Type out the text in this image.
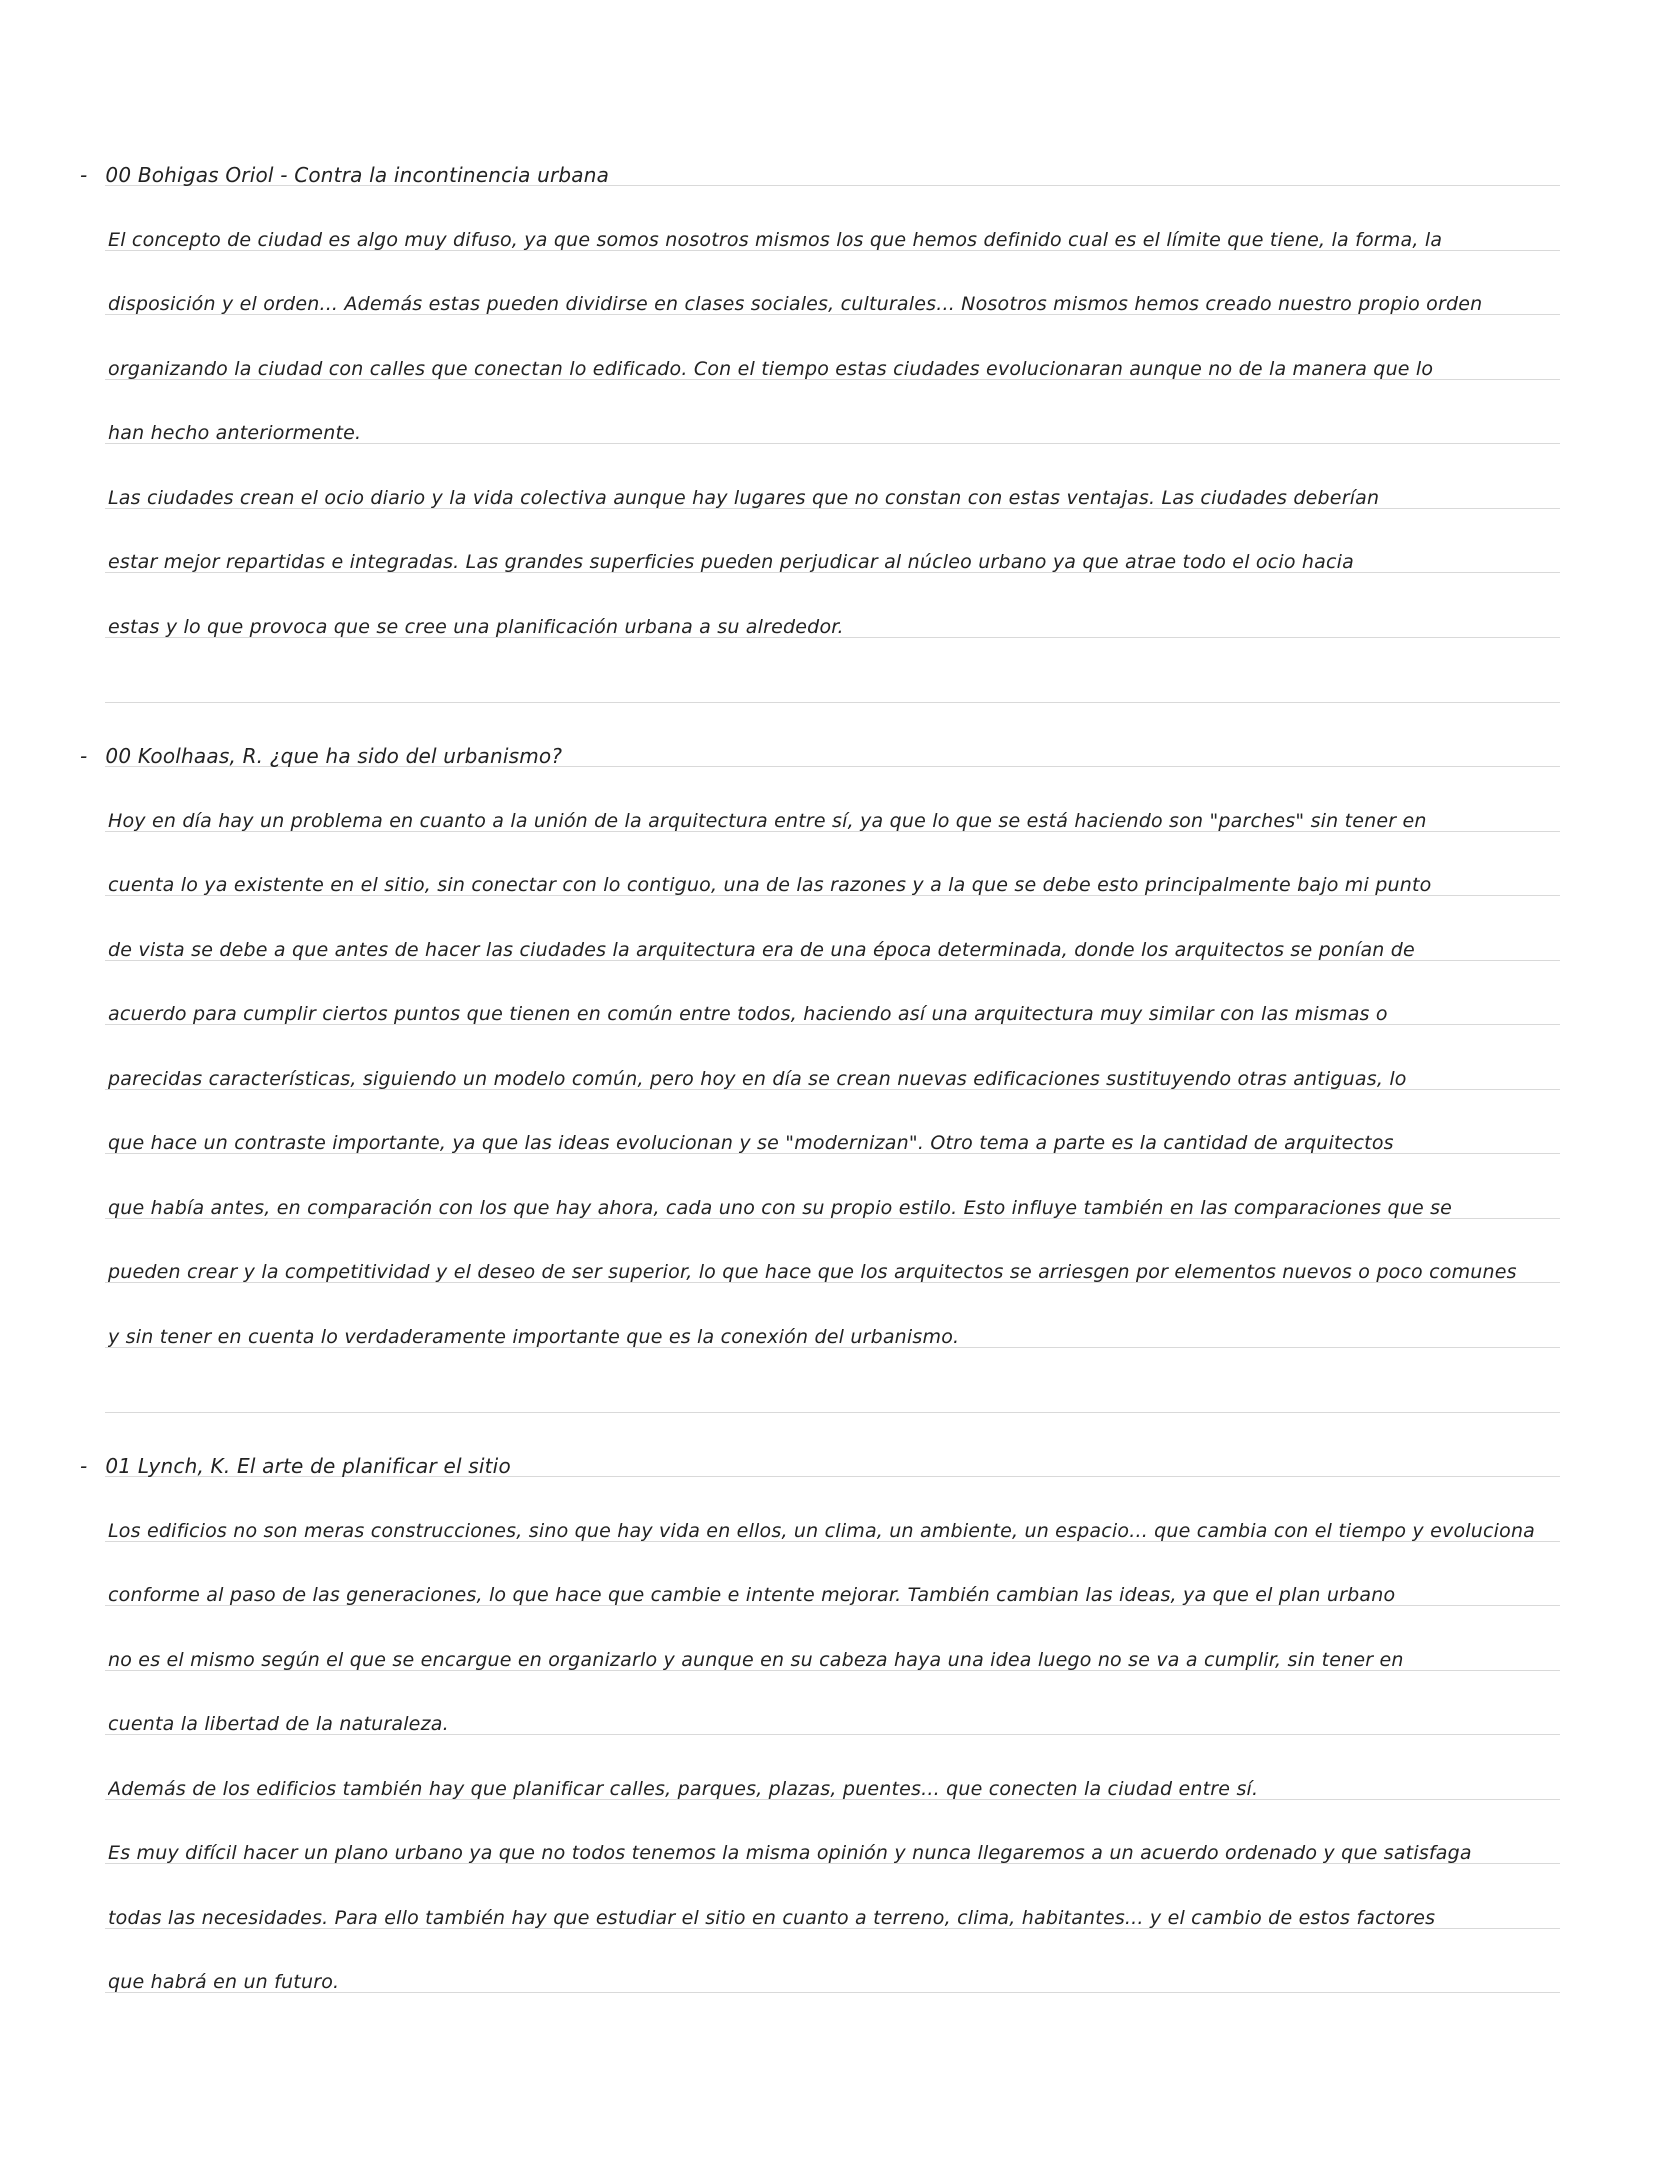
- 00 Bohigas Oriol - Contra la incontinencia urbana
El concepto de ciudad es algo muy difuso, ya que somos nosotros mismos los que hemos definido cual es el límite que tiene, la forma, la
disposición y el orden... Además estas pueden dividirse en clases sociales, culturales... Nosotros mismos hemos creado nuestro propio orden
organizando la ciudad con calles que conectan lo edificado. Con el tiempo estas ciudades evolucionaran aunque no de la manera que lo
han hecho anteriormente.
Las ciudades crean el ocio diario y la vida colectiva aunque hay lugares que no constan con estas ventajas. Las ciudades deberían
estar mejor repartidas e integradas. Las grandes superficies pueden perjudicar al núcleo urbano ya que atrae todo el ocio hacia
estas y lo que provoca que se cree una planificación urbana a su alrededor.
- 00 Koolhaas, R. ¿que ha sido del urbanismo?
Hoy en día hay un problema en cuanto a la unión de la arquitectura entre sí, ya que lo que se está haciendo son "parches" sin tener en
cuenta lo ya existente en el sitio, sin conectar con lo contiguo, una de las razones y a la que se debe esto principalmente bajo mi punto
de vista se debe a que antes de hacer las ciudades la arquitectura era de una época determinada, donde los arquitectos se ponían de
acuerdo para cumplir ciertos puntos que tienen en común entre todos, haciendo así una arquitectura muy similar con las mismas o
parecidas características, siguiendo un modelo común, pero hoy en día se crean nuevas edificaciones sustituyendo otras antiguas, lo
que hace un contraste importante, ya que las ideas evolucionan y se "modernizan". Otro tema a parte es la cantidad de arquitectos
que había antes, en comparación con los que hay ahora, cada uno con su propio estilo. Esto influye también en las comparaciones que se
pueden crear y la competitividad y el deseo de ser superior, lo que hace que los arquitectos se arriesgen por elementos nuevos o poco comunes
y sin tener en cuenta lo verdaderamente importante que es la conexión del urbanismo.
- 01 Lynch, K. El arte de planificar el sitio
Los edificios no son meras construcciones, sino que hay vida en ellos, un clima, un ambiente, un espacio... que cambia con el tiempo y evoluciona
conforme al paso de las generaciones, lo que hace que cambie e intente mejorar. También cambian las ideas, ya que el plan urbano
no es el mismo según el que se encargue en organizarlo y aunque en su cabeza haya una idea luego no se va a cumplir, sin tener en
cuenta la libertad de la naturaleza.
Además de los edificios también hay que planificar calles, parques, plazas, puentes... que conecten la ciudad entre sí.
Es muy difícil hacer un plano urbano ya que no todos tenemos la misma opinión y nunca llegaremos a un acuerdo ordenado y que satisfaga
todas las necesidades. Para ello también hay que estudiar el sitio en cuanto a terreno, clima, habitantes... y el cambio de estos factores
que habrá en un futuro.
